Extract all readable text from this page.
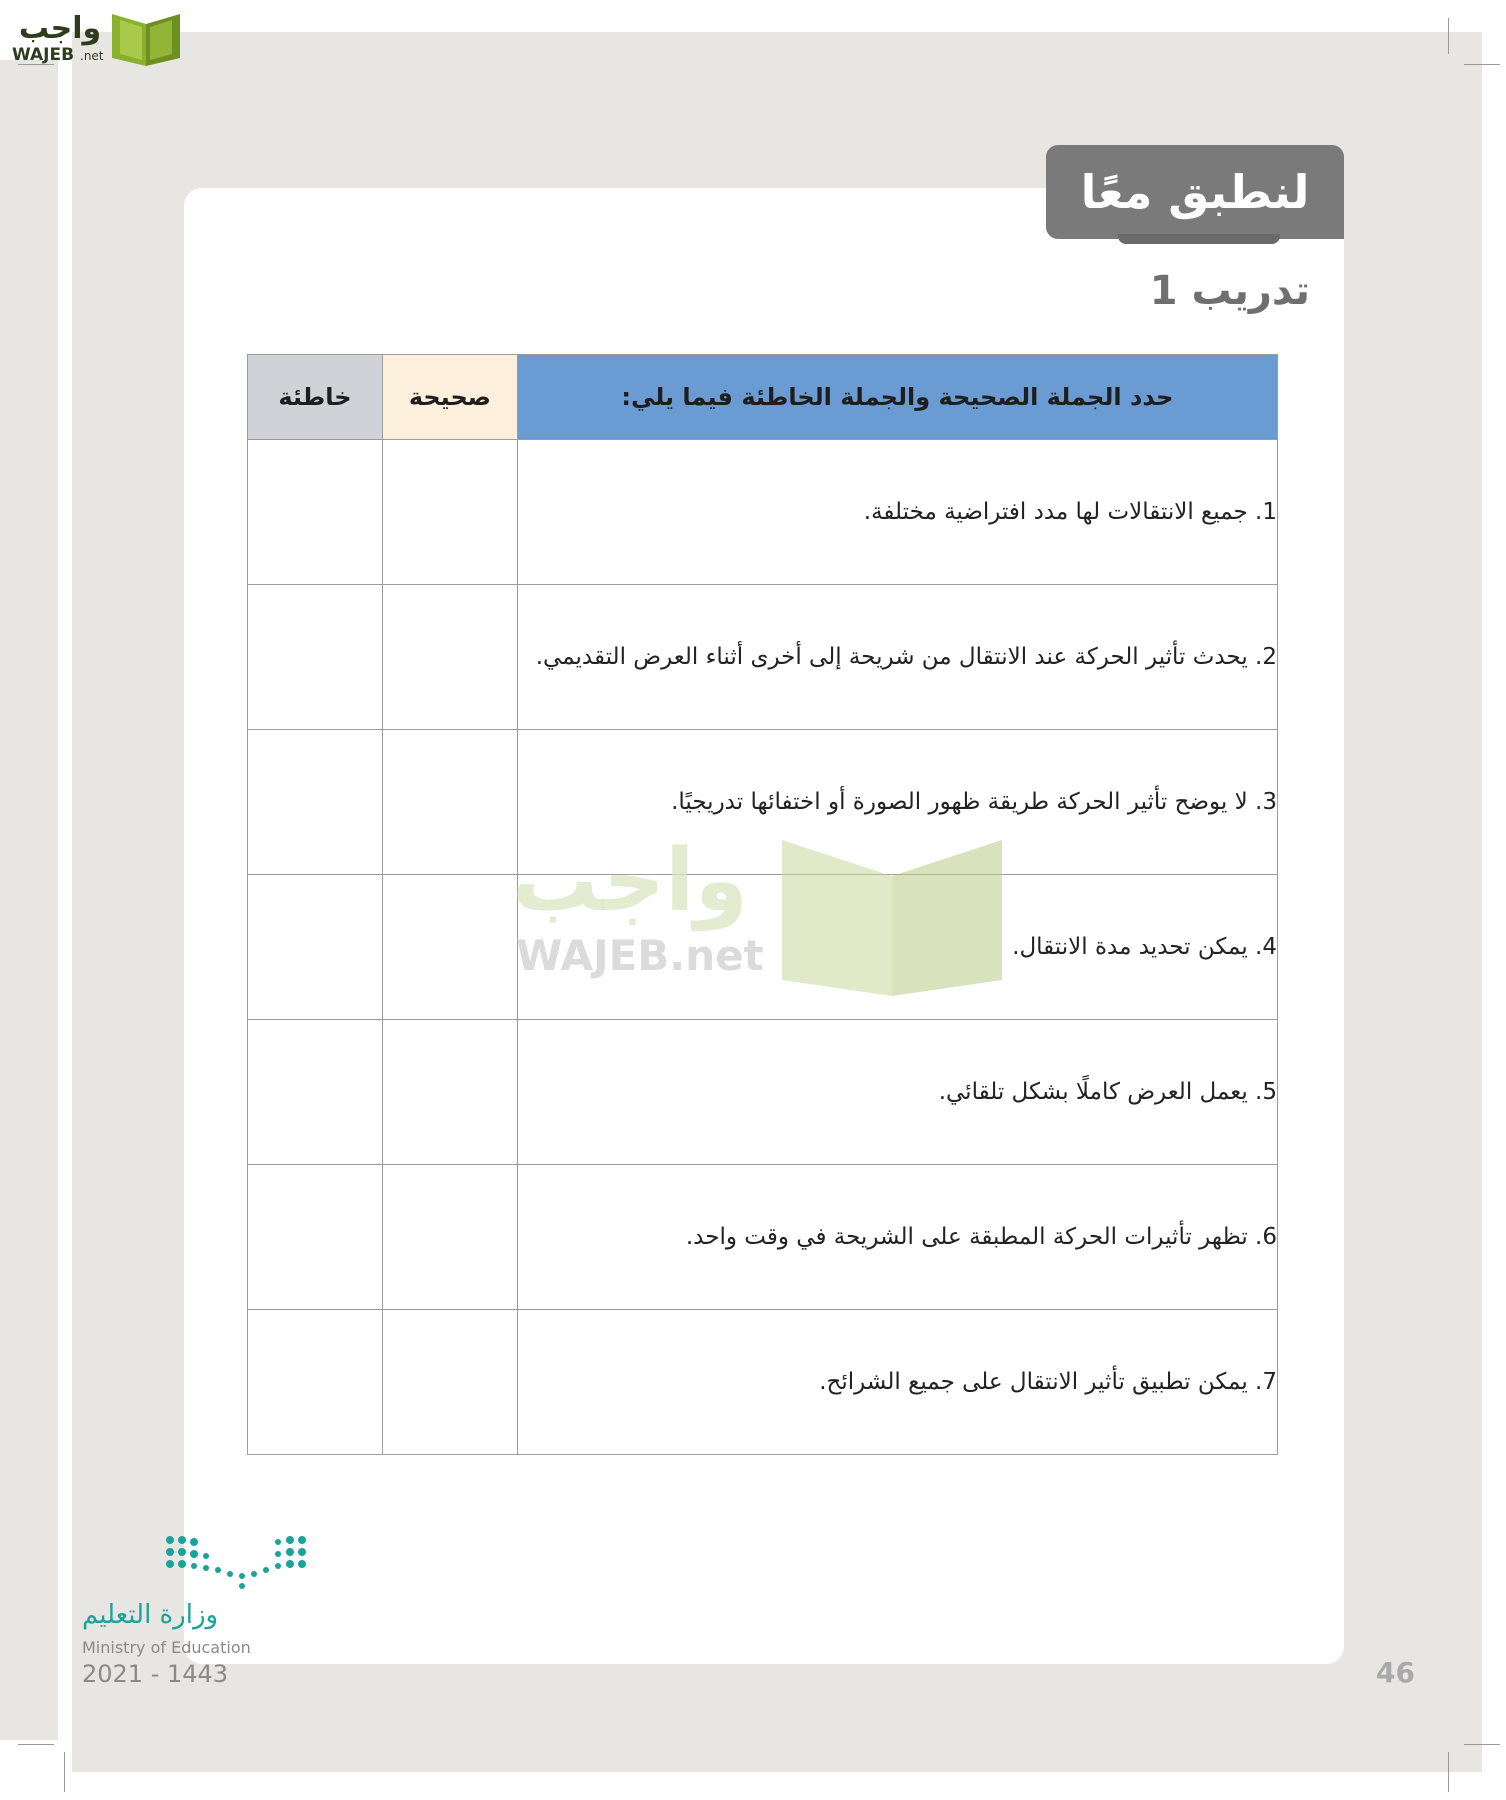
واجب
WAJEB .net
لنطبق معًا
تدريب 1
حدد الجملة الصحيحة والجملة الخاطئة فيما يلي:	صحيحة	خاطئة
1. جميع الانتقالات لها مدد افتراضية مختلفة.		
2. يحدث تأثير الحركة عند الانتقال من شريحة إلى أخرى أثناء العرض التقديمي.		
3. لا يوضح تأثير الحركة طريقة ظهور الصورة أو اختفائها تدريجيًا.		
4. يمكن تحديد مدة الانتقال.		
5. يعمل العرض كاملًا بشكل تلقائي.		
6. تظهر تأثيرات الحركة المطبقة على الشريحة في وقت واحد.		
7. يمكن تطبيق تأثير الانتقال على جميع الشرائح.		
واجب
WAJEB.net
وزارة التعليم
Ministry of Education
2021 - 1443	46
